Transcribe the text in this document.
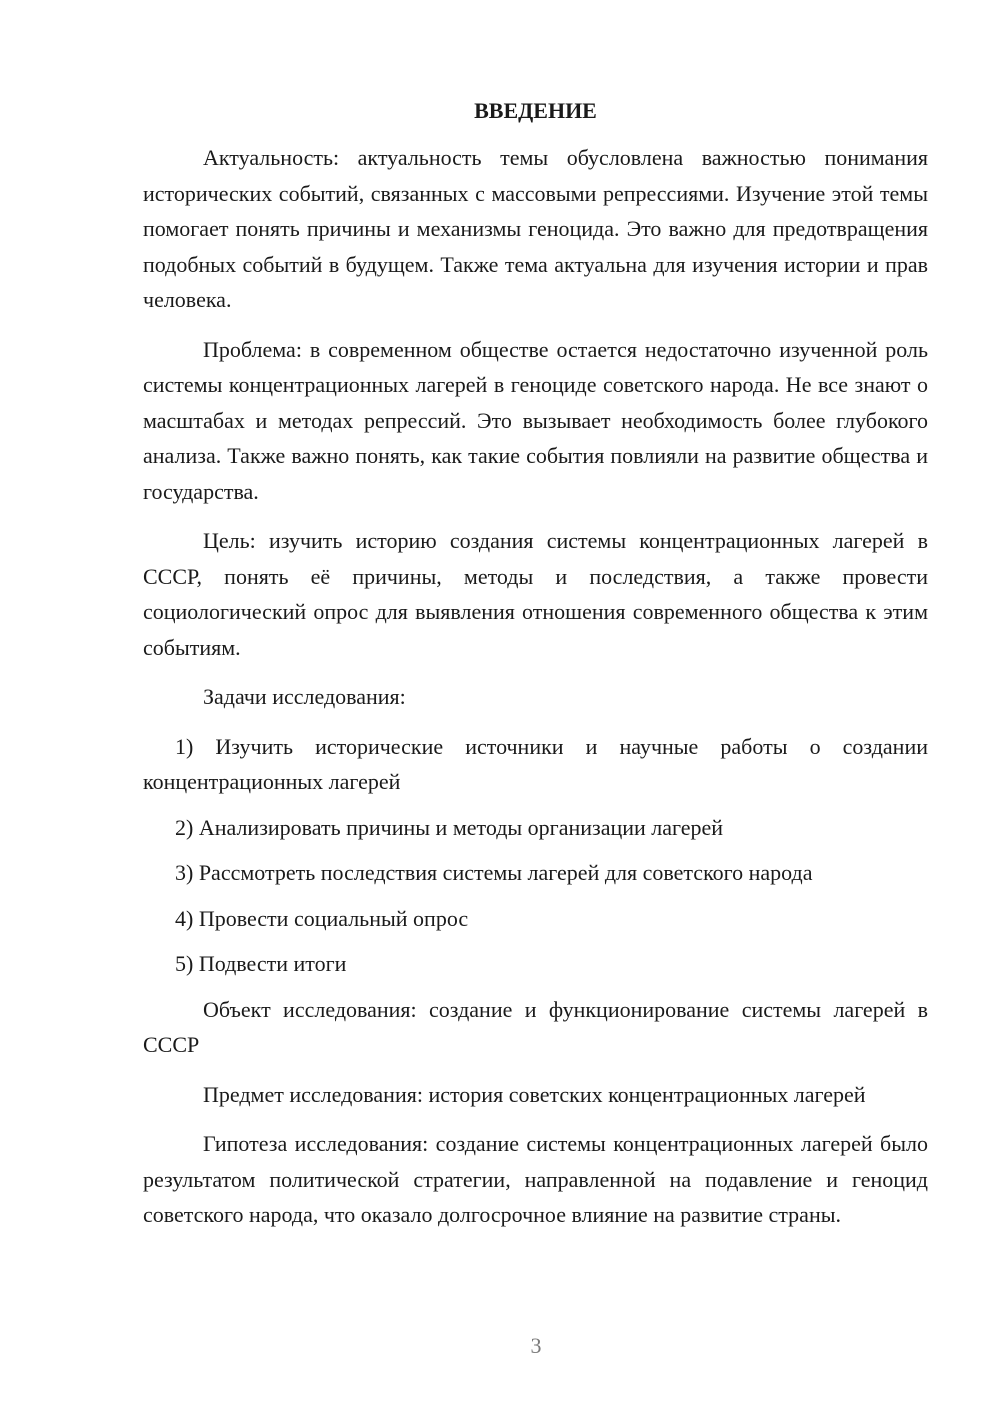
ВВЕДЕНИЕ

Актуальность: актуальность темы обусловлена важностью понимания исторических событий, связанных с массовыми репрессиями. Изучение этой темы помогает понять причины и механизмы геноцида. Это важно для предотвращения подобных событий в будущем. Также тема актуальна для изучения истории и прав человека.

Проблема: в современном обществе остается недостаточно изученной роль системы концентрационных лагерей в геноциде советского народа. Не все знают о масштабах и методах репрессий. Это вызывает необходимость более глубокого анализа. Также важно понять, как такие события повлияли на развитие общества и государства.

Цель: изучить историю создания системы концентрационных лагерей в СССР, понять её причины, методы и последствия, а также провести социологический опрос для выявления отношения современного общества к этим событиям.

Задачи исследования:

1) Изучить исторические источники и научные работы о создании концентрационных лагерей

2) Анализировать причины и методы организации лагерей

3) Рассмотреть последствия системы лагерей для советского народа

4) Провести социальный опрос

5) Подвести итоги

Объект исследования: создание и функционирование системы лагерей в СССР

Предмет исследования: история советских концентрационных лагерей

Гипотеза исследования: создание системы концентрационных лагерей было результатом политической стратегии, направленной на подавление и геноцид советского народа, что оказало долгосрочное влияние на развитие страны.

3
